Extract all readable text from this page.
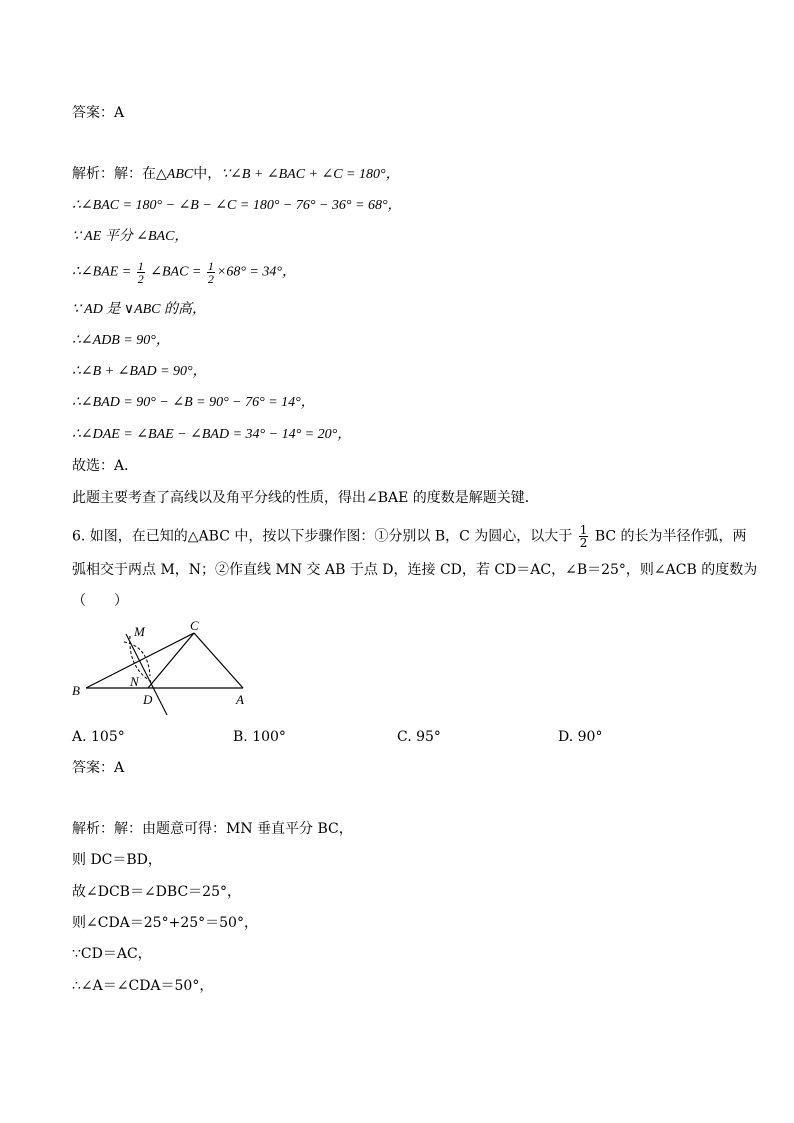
答案：A
解析：解：在△ABC中，∵∠B + ∠BAC + ∠C = 180°，
∴∠BAC = 180° − ∠B − ∠C = 180° − 76° − 36° = 68°，
∵ AE 平分 ∠BAC，
∴∠BAE = $\frac{1}{2}$ ∠BAC = $\frac{1}{2} \times 68^\circ = 34^\circ$，
∵ AD 是 ∨ABC 的高，
∴∠ADB = 90°，
∴∠B + ∠BAD = 90°，
∴∠BAD = 90° − ∠B = 90° − 76° = 14°，
∴∠DAE = ∠BAE − ∠BAD = 34° − 14° = 20°，
故选：A．
此题主要考查了高线以及角平分线的性质，得出∠BAE 的度数是解题关键．
6. 如图，在已知的△ABC 中，按以下步骤作图：①分别以 B，C 为圆心，以大于 $\frac{1}{2}$ BC 的长为半径作弧，两
弧相交于两点 M，N；②作直线 MN 交 AB 于点 D，连接 CD，若 CD＝AC，∠B＝25°，则∠ACB 的度数为
（　　）
M	C
N
B
D	A
A. 105°	B. 100°	C. 95°	D. 90°
答案：A
解析：解：由题意可得：MN 垂直平分 BC，
则 DC＝BD，
故∠DCB＝∠DBC＝25°，
则∠CDA＝25°+25°＝50°，
∵CD＝AC，
∴∠A＝∠CDA＝50°，
